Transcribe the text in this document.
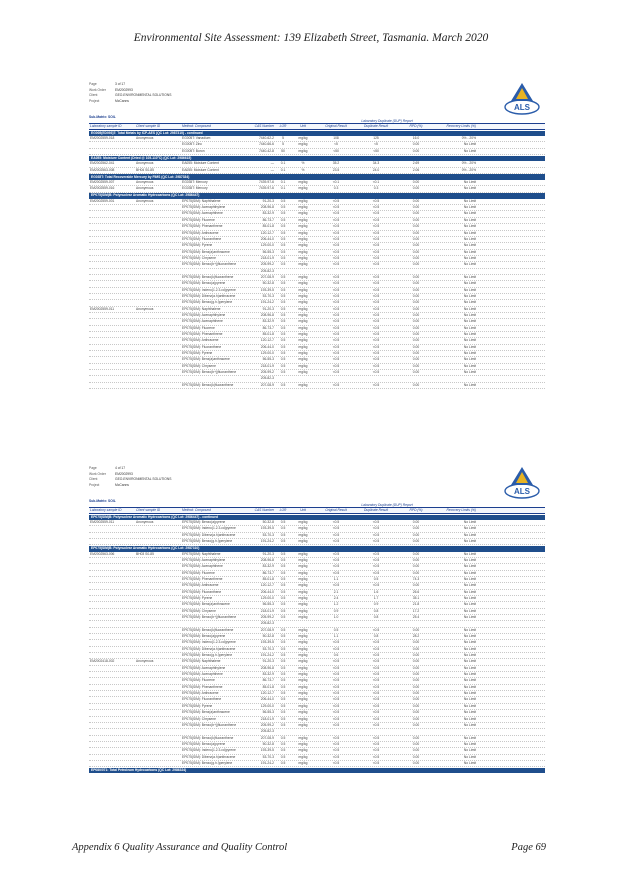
Environmental Site Assessment: 139 Elizabeth Street, Tasmania. March 2020
Page	3 of 17
Work Order	EM2002993
Client	GEO-ENVIRONMENTAL SOLUTIONS
Project	McCanns
ALS
Sub-Matrix: SOIL
Laboratory Duplicate (DUP) Report
Laboratory sample ID	Client sample ID	Method: Compound	CAS Number	LOR	Unit	Original Result	Duplicate Result	RPD (%)	Recovery Limits (%)
EG005(ED093)T: Total Metals by ICP-AES (QC Lot: 2987310) - continued
EM2002559-018	Anonymous	EG005T: Vanadium	7440-62-2	5	mg/kg	108	125	16.0	0% - 20%
EG005T: Zinc	7440-66-6	5	mg/kg	<5	<5	0.00	No Limit
EG005T: Boron	7440-42-8	50	mg/kg	<50	<50	0.00	No Limit
EA055: Moisture Content (Dried @ 105-110°C) (QC Lot: 2986615)
EM2002562-041	Anonymous	EA055: Moisture Content	—	0.1	%	35.2	34.3	2.69	0% - 20%
EM2002563-008	BH04 S0-85	EA055: Moisture Content	—	0.1	%	23.5	24.0	2.06	0% - 20%
EG035T: Total Recoverable Mercury by FIMS (QC Lot: 2987334)
EM2002559-007	Anonymous	EG035T: Mercury	7439-97-6	0.1	mg/kg	<0.1	<0.1	0.00	No Limit
EM2002559-016	Anonymous	EG035T: Mercury	7439-97-6	0.1	mg/kg	0.3	0.3	0.00	No Limit
EP075(SIM)B: Polynuclear Aromatic Hydrocarbons (QC Lot: 2986447)
EM2002559-001	Anonymous	EP075(SIM): Naphthalene	91-20-3	0.5	mg/kg	<0.5	<0.5	0.00	No Limit
EP075(SIM): Acenaphthylene	208-96-8	0.5	mg/kg	<0.5	<0.5	0.00	No Limit
EP075(SIM): Acenaphthene	83-32-9	0.5	mg/kg	<0.5	<0.5	0.00	No Limit
EP075(SIM): Fluorene	86-73-7	0.5	mg/kg	<0.5	<0.5	0.00	No Limit
EP075(SIM): Phenanthrene	85-01-8	0.5	mg/kg	<0.5	<0.5	0.00	No Limit
EP075(SIM): Anthracene	120-12-7	0.5	mg/kg	<0.5	<0.5	0.00	No Limit
EP075(SIM): Fluoranthene	206-44-0	0.5	mg/kg	<0.5	<0.5	0.00	No Limit
EP075(SIM): Pyrene	129-00-0	0.5	mg/kg	<0.5	<0.5	0.00	No Limit
EP075(SIM): Benz(a)anthracene	56-55-3	0.5	mg/kg	<0.5	<0.5	0.00	No Limit
EP075(SIM): Chrysene	218-01-9	0.5	mg/kg	<0.5	<0.5	0.00	No Limit
EP075(SIM): Benzo(b+j)fluoranthene	205-99-2	0.5	mg/kg	<0.5	<0.5	0.00	No Limit
205-82-3
EP075(SIM): Benzo(k)fluoranthene	207-08-9	0.5	mg/kg	<0.5	<0.5	0.00	No Limit
EP075(SIM): Benzo(a)pyrene	50-32-8	0.5	mg/kg	<0.5	<0.5	0.00	No Limit
EP075(SIM): Indeno(1.2.3.cd)pyrene	193-39-5	0.5	mg/kg	<0.5	<0.5	0.00	No Limit
EP075(SIM): Dibenz(a.h)anthracene	53-70-3	0.5	mg/kg	<0.5	<0.5	0.00	No Limit
EP075(SIM): Benzo(g.h.i)perylene	191-24-2	0.5	mg/kg	<0.5	<0.5	0.00	No Limit
EM2002559-011	Anonymous	EP075(SIM): Naphthalene	91-20-3	0.5	mg/kg	<0.5	<0.5	0.00	No Limit
EP075(SIM): Acenaphthylene	208-96-8	0.5	mg/kg	<0.5	<0.5	0.00	No Limit
EP075(SIM): Acenaphthene	83-32-9	0.5	mg/kg	<0.5	<0.5	0.00	No Limit
EP075(SIM): Fluorene	86-73-7	0.5	mg/kg	<0.5	<0.5	0.00	No Limit
EP075(SIM): Phenanthrene	85-01-8	0.5	mg/kg	<0.5	<0.5	0.00	No Limit
EP075(SIM): Anthracene	120-12-7	0.5	mg/kg	<0.5	<0.5	0.00	No Limit
EP075(SIM): Fluoranthene	206-44-0	0.5	mg/kg	<0.5	<0.5	0.00	No Limit
EP075(SIM): Pyrene	129-00-0	0.5	mg/kg	<0.5	<0.5	0.00	No Limit
EP075(SIM): Benz(a)anthracene	56-55-3	0.5	mg/kg	<0.5	<0.5	0.00	No Limit
EP075(SIM): Chrysene	218-01-9	0.5	mg/kg	<0.5	<0.5	0.00	No Limit
EP075(SIM): Benzo(b+j)fluoranthene	205-99-2	0.5	mg/kg	<0.5	<0.5	0.00	No Limit
205-82-3
EP075(SIM): Benzo(k)fluoranthene	207-08-9	0.5	mg/kg	<0.5	<0.5	0.00	No Limit
Page	4 of 17
Work Order	EM2002993
Client	GEO-ENVIRONMENTAL SOLUTIONS
Project	McCanns
ALS
Sub-Matrix: SOIL
Laboratory Duplicate (DUP) Report
Laboratory sample ID	Client sample ID	Method: Compound	CAS Number	LOR	Unit	Original Result	Duplicate Result	RPD (%)	Recovery Limits (%)
EP075(SIM)B: Polynuclear Aromatic Hydrocarbons (QC Lot: 2986447) - continued
EM2002559-011	Anonymous	EP075(SIM): Benzo(a)pyrene	50-32-8	0.5	mg/kg	<0.5	<0.5	0.00	No Limit
EP075(SIM): Indeno(1.2.3.cd)pyrene	193-39-5	0.5	mg/kg	<0.5	<0.5	0.00	No Limit
EP075(SIM): Dibenz(a.h)anthracene	53-70-3	0.5	mg/kg	<0.5	<0.5	0.00	No Limit
EP075(SIM): Benzo(g.h.i)perylene	191-24-2	0.5	mg/kg	<0.5	<0.5	0.00	No Limit
EP075(SIM)B: Polynuclear Aromatic Hydrocarbons (QC Lot: 2987310)
EM2002563-006	BH03 S0-85	EP075(SIM): Naphthalene	91-20-3	0.5	mg/kg	<0.5	<0.5	0.00	No Limit
EP075(SIM): Acenaphthylene	208-96-8	0.5	mg/kg	<0.5	<0.5	0.00	No Limit
EP075(SIM): Acenaphthene	83-32-9	0.5	mg/kg	<0.5	<0.5	0.00	No Limit
EP075(SIM): Fluorene	86-73-7	0.5	mg/kg	<0.5	<0.5	0.00	No Limit
EP075(SIM): Phenanthrene	85-01-8	0.5	mg/kg	1.1	0.5	74.3	No Limit
EP075(SIM): Anthracene	120-12-7	0.5	mg/kg	<0.5	<0.5	0.00	No Limit
EP075(SIM): Fluoranthene	206-44-0	0.5	mg/kg	2.1	1.6	26.6	No Limit
EP075(SIM): Pyrene	129-00-0	0.5	mg/kg	2.4	1.7	35.1	No Limit
EP075(SIM): Benz(a)anthracene	56-55-3	0.5	mg/kg	1.2	0.9	21.8	No Limit
EP075(SIM): Chrysene	218-01-9	0.5	mg/kg	0.9	0.8	17.2	No Limit
EP075(SIM): Benzo(b+j)fluoranthene	205-99-2	0.5	mg/kg	1.0	0.8	25.4	No Limit
205-82-3
EP075(SIM): Benzo(k)fluoranthene	207-08-9	0.5	mg/kg	0.5	<0.5	0.00	No Limit
EP075(SIM): Benzo(a)pyrene	50-32-8	0.5	mg/kg	1.1	0.8	28.2	No Limit
EP075(SIM): Indeno(1.2.3.cd)pyrene	193-39-5	0.5	mg/kg	<0.5	<0.5	0.00	No Limit
EP075(SIM): Dibenz(a.h)anthracene	53-70-3	0.5	mg/kg	<0.5	<0.5	0.00	No Limit
EP075(SIM): Benzo(g.h.i)perylene	191-24-2	0.5	mg/kg	0.6	<0.5	0.00	No Limit
EM2002418-002	Anonymous	EP075(SIM): Naphthalene	91-20-3	0.5	mg/kg	<0.5	<0.5	0.00	No Limit
EP075(SIM): Acenaphthylene	208-96-8	0.5	mg/kg	<0.5	<0.5	0.00	No Limit
EP075(SIM): Acenaphthene	83-32-9	0.5	mg/kg	<0.5	<0.5	0.00	No Limit
EP075(SIM): Fluorene	86-73-7	0.5	mg/kg	<0.5	<0.5	0.00	No Limit
EP075(SIM): Phenanthrene	85-01-8	0.5	mg/kg	<0.5	<0.5	0.00	No Limit
EP075(SIM): Anthracene	120-12-7	0.5	mg/kg	<0.5	<0.5	0.00	No Limit
EP075(SIM): Fluoranthene	206-44-0	0.5	mg/kg	<0.5	<0.5	0.00	No Limit
EP075(SIM): Pyrene	129-00-0	0.5	mg/kg	<0.5	<0.5	0.00	No Limit
EP075(SIM): Benz(a)anthracene	56-55-3	0.5	mg/kg	<0.5	<0.5	0.00	No Limit
EP075(SIM): Chrysene	218-01-9	0.5	mg/kg	<0.5	<0.5	0.00	No Limit
EP075(SIM): Benzo(b+j)fluoranthene	205-99-2	0.5	mg/kg	<0.5	<0.5	0.00	No Limit
205-82-3
EP075(SIM): Benzo(k)fluoranthene	207-08-9	0.5	mg/kg	<0.5	<0.5	0.00	No Limit
EP075(SIM): Benzo(a)pyrene	50-32-8	0.5	mg/kg	<0.5	<0.5	0.00	No Limit
EP075(SIM): Indeno(1.2.3.cd)pyrene	193-39-5	0.5	mg/kg	<0.5	<0.5	0.00	No Limit
EP075(SIM): Dibenz(a.h)anthracene	53-70-3	0.5	mg/kg	<0.5	<0.5	0.00	No Limit
EP075(SIM): Benzo(g.h.i)perylene	191-24-2	0.5	mg/kg	<0.5	<0.5	0.00	No Limit
EP080/071: Total Petroleum Hydrocarbons (QC Lot: 2986324)
Appendix 6 Quality Assurance and Quality Control	Page 69
